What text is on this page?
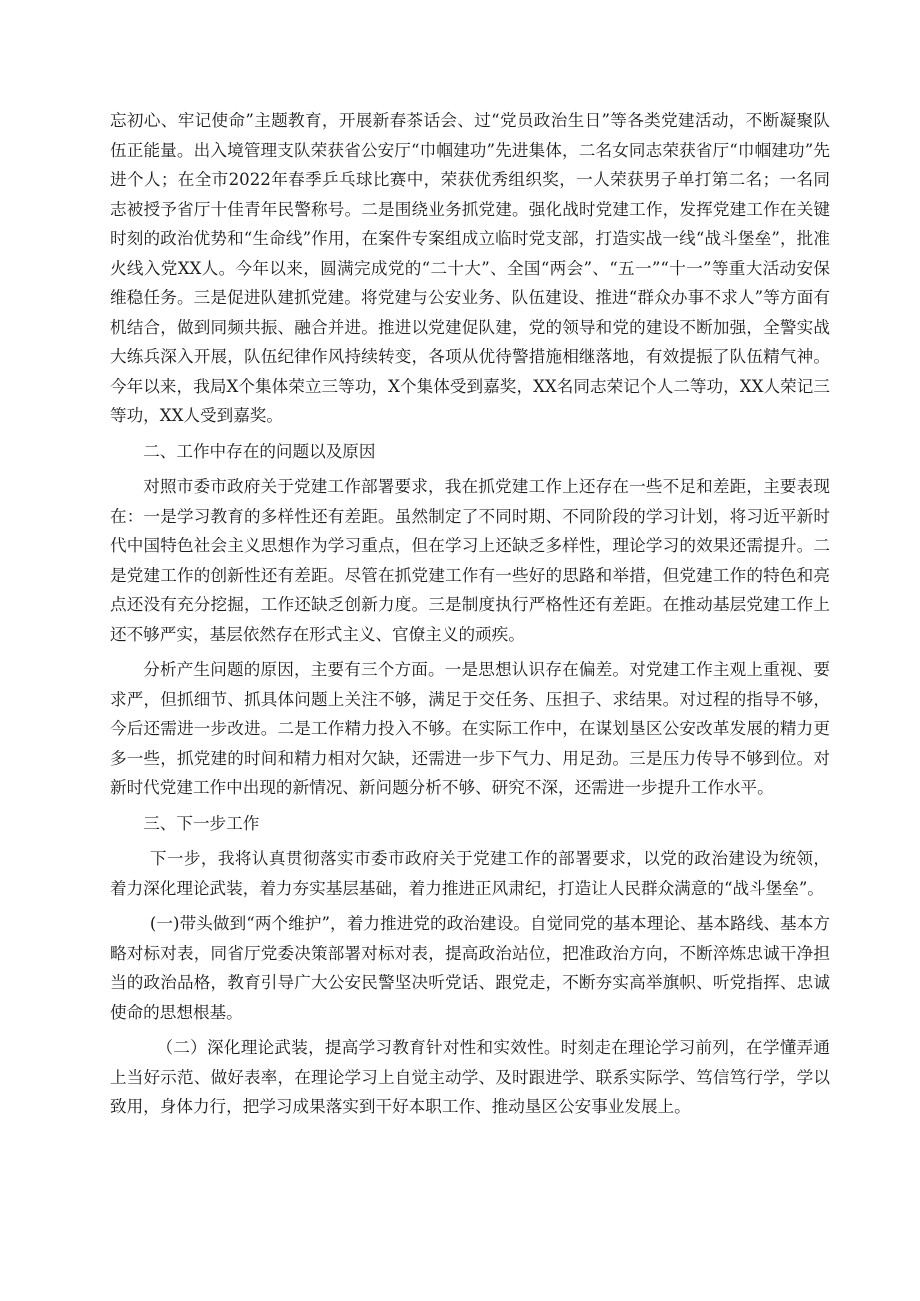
忘初心、牢记使命”主题教育，开展新春茶话会、过“党员政治生日”等各类党建活动，不断凝聚队伍正能量。出入境管理支队荣获省公安厅“巾帼建功”先进集体，二名女同志荣获省厅“巾帼建功”先进个人；在全市2022年春季乒乓球比赛中，荣获优秀组织奖，一人荣获男子单打第二名；一名同志被授予省厅十佳青年民警称号。二是围绕业务抓党建。强化战时党建工作，发挥党建工作在关键时刻的政治优势和“生命线”作用，在案件专案组成立临时党支部，打造实战一线“战斗堡垒”，批准火线入党XX人。今年以来，圆满完成党的“二十大”、全国“两会”、“五一”“十一”等重大活动安保维稳任务。三是促进队建抓党建。将党建与公安业务、队伍建设、推进“群众办事不求人”等方面有机结合，做到同频共振、融合并进。推进以党建促队建，党的领导和党的建设不断加强，全警实战大练兵深入开展，队伍纪律作风持续转变，各项从优待警措施相继落地，有效提振了队伍精气神。今年以来，我局X个集体荣立三等功，X个集体受到嘉奖，XX名同志荣记个人二等功，XX人荣记三等功，XX人受到嘉奖。

二、工作中存在的问题以及原因

对照市委市政府关于党建工作部署要求，我在抓党建工作上还存在一些不足和差距，主要表现在：一是学习教育的多样性还有差距。虽然制定了不同时期、不同阶段的学习计划，将习近平新时代中国特色社会主义思想作为学习重点，但在学习上还缺乏多样性，理论学习的效果还需提升。二是党建工作的创新性还有差距。尽管在抓党建工作有一些好的思路和举措，但党建工作的特色和亮点还没有充分挖掘，工作还缺乏创新力度。三是制度执行严格性还有差距。在推动基层党建工作上还不够严实，基层依然存在形式主义、官僚主义的顽疾。

分析产生问题的原因，主要有三个方面。一是思想认识存在偏差。对党建工作主观上重视、要求严，但抓细节、抓具体问题上关注不够，满足于交任务、压担子、求结果。对过程的指导不够，今后还需进一步改进。二是工作精力投入不够。在实际工作中，在谋划垦区公安改革发展的精力更多一些，抓党建的时间和精力相对欠缺，还需进一步下气力、用足劲。三是压力传导不够到位。对新时代党建工作中出现的新情况、新问题分析不够、研究不深，还需进一步提升工作水平。

三、下一步工作

下一步，我将认真贯彻落实市委市政府关于党建工作的部署要求，以党的政治建设为统领，着力深化理论武装，着力夯实基层基础，着力推进正风肃纪，打造让人民群众满意的“战斗堡垒”。

(一)带头做到“两个维护”，着力推进党的政治建设。自觉同党的基本理论、基本路线、基本方略对标对表，同省厅党委决策部署对标对表，提高政治站位，把准政治方向，不断淬炼忠诚干净担当的政治品格，教育引导广大公安民警坚决听党话、跟党走，不断夯实高举旗帜、听党指挥、忠诚使命的思想根基。

（二）深化理论武装，提高学习教育针对性和实效性。时刻走在理论学习前列，在学懂弄通上当好示范、做好表率，在理论学习上自觉主动学、及时跟进学、联系实际学、笃信笃行学，学以致用，身体力行，把学习成果落实到干好本职工作、推动垦区公安事业发展上。
